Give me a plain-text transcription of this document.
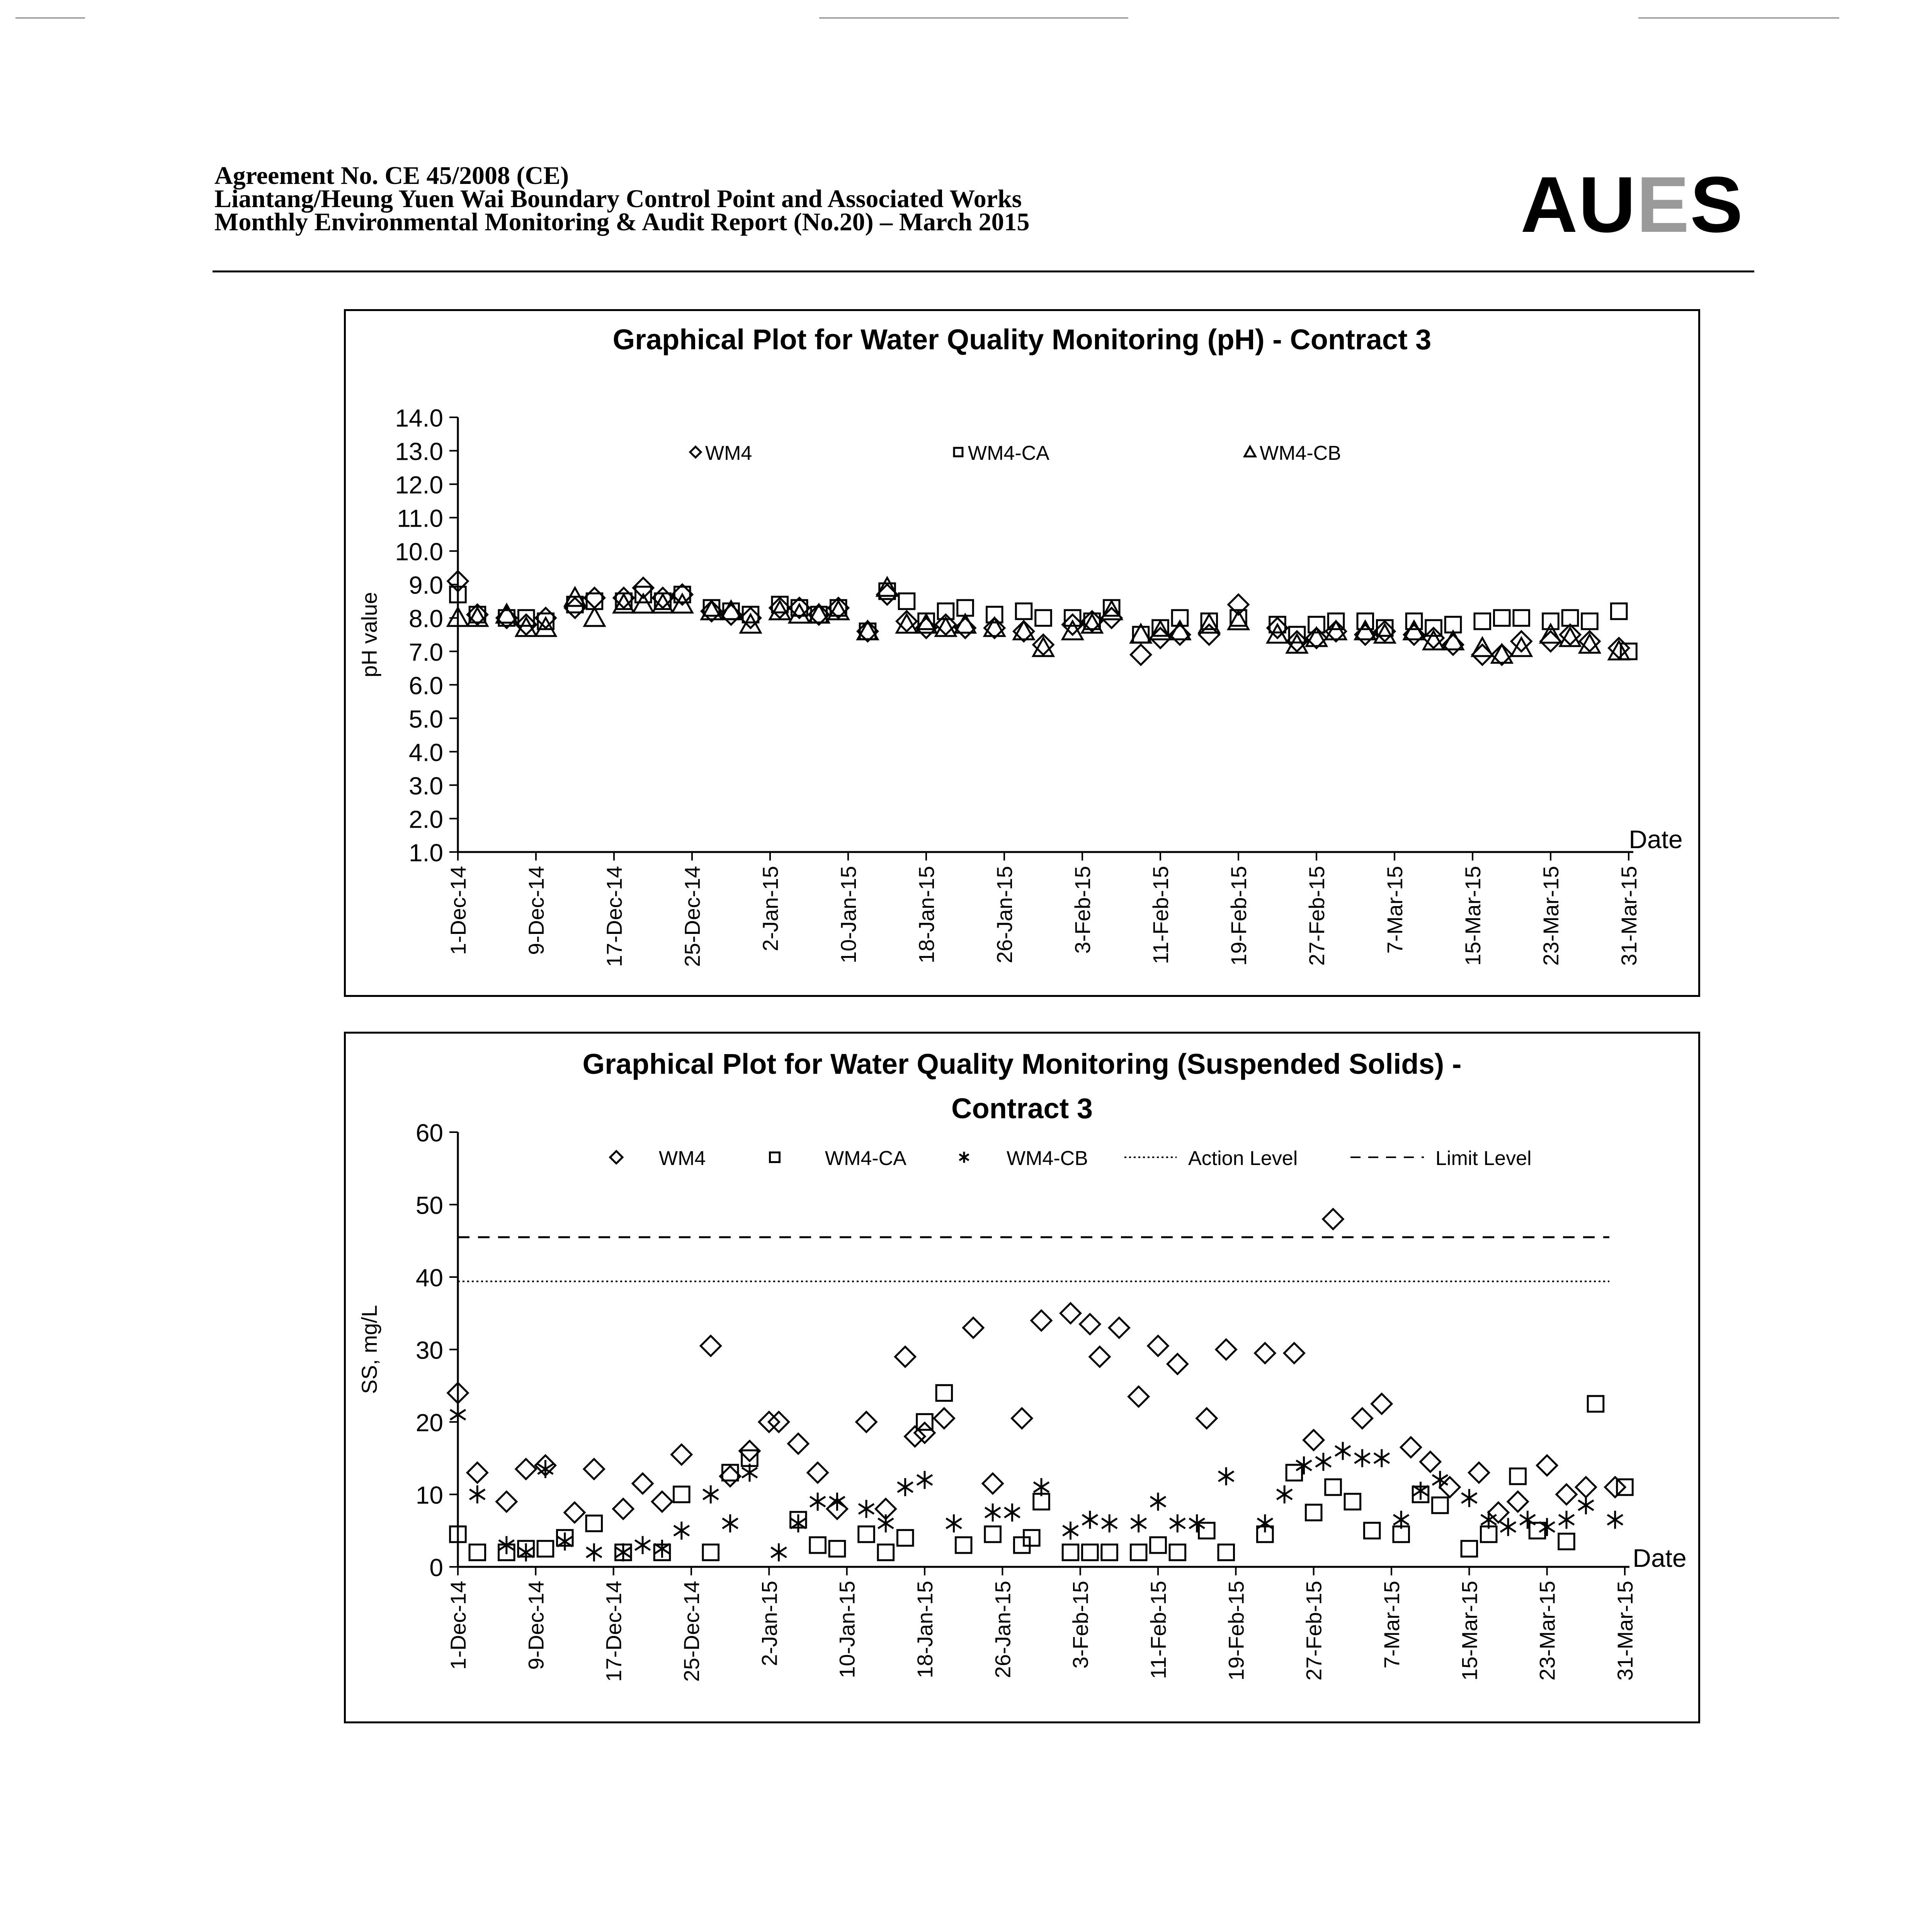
Agreement No. CE 45/2008 (CE)
Liantang/Heung Yuen Wai Boundary Control Point and Associated Works
Monthly Environmental Monitoring & Audit Report (No.20) – March 2015	AUES
Graphical Plot for Water Quality Monitoring (pH) - Contract 3
14.0
13.0
12.0
11.0
10.0
9.0
8.0
7.0
6.0
5.0
4.0
3.0
2.0
1.0
pH value
1-Dec-14 9-Dec-14 17-Dec-14 25-Dec-14 2-Jan-15 10-Jan-15 18-Jan-15 26-Jan-15 3-Feb-15 11-Feb-15 19-Feb-15 27-Feb-15 7-Mar-15 15-Mar-15 23-Mar-15 31-Mar-15
Date
WM4	WM4-CA	WM4-CB
Graphical Plot for Water Quality Monitoring (Suspended Solids) -
Contract 3
60
50
40
30
20
10
0
SS, mg/L
1-Dec-14 9-Dec-14 17-Dec-14 25-Dec-14 2-Jan-15 10-Jan-15 18-Jan-15 26-Jan-15 3-Feb-15 11-Feb-15 19-Feb-15 27-Feb-15 7-Mar-15 15-Mar-15 23-Mar-15 31-Mar-15
Date
WM4	WM4-CA	WM4-CB	Action Level	Limit Level
